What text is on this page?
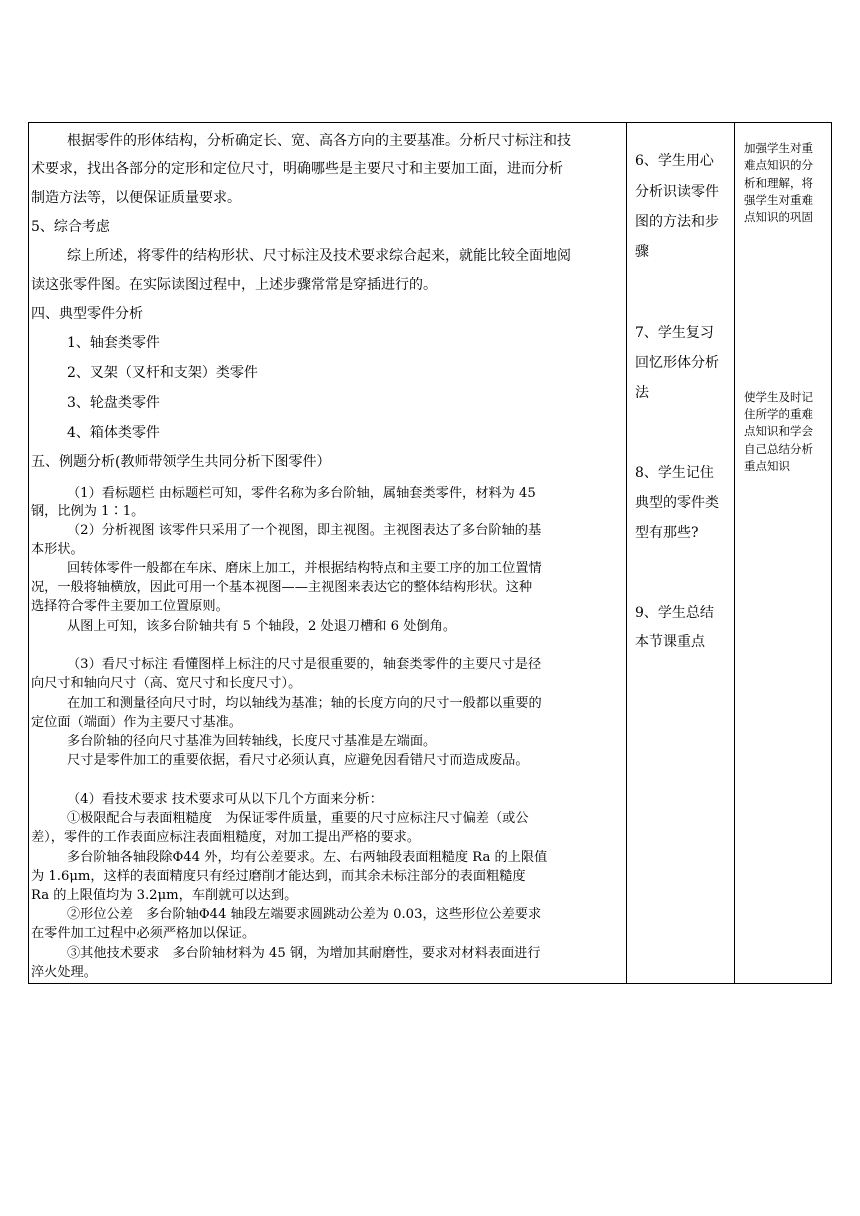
根据零件的形体结构，分析确定长、宽、高各方向的主要基准。分析尺寸标注和技
术要求，找出各部分的定形和定位尺寸，明确哪些是主要尺寸和主要加工面，进而分析
制造方法等，以便保证质量要求。
5、综合考虑
综上所述，将零件的结构形状、尺寸标注及技术要求综合起来，就能比较全面地阅
读这张零件图。在实际读图过程中，上述步骤常常是穿插进行的。
四、典型零件分析
1、轴套类零件
2、叉架（叉杆和支架）类零件
3、轮盘类零件
4、箱体类零件
五、例题分析(教师带领学生共同分析下图零件）
（1）看标题栏 由标题栏可知，零件名称为多台阶轴，属轴套类零件，材料为 45
钢，比例为 1∶1。
（2）分析视图 该零件只采用了一个视图，即主视图。主视图表达了多台阶轴的基
本形状。
回转体零件一般都在车床、磨床上加工，并根据结构特点和主要工序的加工位置情
况，一般将轴横放，因此可用一个基本视图——主视图来表达它的整体结构形状。这种
选择符合零件主要加工位置原则。
从图上可知，该多台阶轴共有 5 个轴段，2 处退刀槽和 6 处倒角。
（3）看尺寸标注 看懂图样上标注的尺寸是很重要的，轴套类零件的主要尺寸是径
向尺寸和轴向尺寸（高、宽尺寸和长度尺寸）。
在加工和测量径向尺寸时，均以轴线为基准；轴的长度方向的尺寸一般都以重要的
定位面（端面）作为主要尺寸基准。
多台阶轴的径向尺寸基准为回转轴线，长度尺寸基准是左端面。
尺寸是零件加工的重要依据，看尺寸必须认真，应避免因看错尺寸而造成废品。
（4）看技术要求 技术要求可从以下几个方面来分析：
①极限配合与表面粗糙度　为保证零件质量，重要的尺寸应标注尺寸偏差（或公
差），零件的工作表面应标注表面粗糙度，对加工提出严格的要求。
多台阶轴各轴段除Φ44 外，均有公差要求。左、右两轴段表面粗糙度 Ra 的上限值
为 1.6μm，这样的表面精度只有经过磨削才能达到，而其余未标注部分的表面粗糙度
Ra 的上限值均为 3.2μm，车削就可以达到。
②形位公差　多台阶轴Φ44 轴段左端要求圆跳动公差为 0.03，这些形位公差要求
在零件加工过程中必须严格加以保证。
③其他技术要求　多台阶轴材料为 45 钢，为增加其耐磨性，要求对材料表面进行
淬火处理。
6、学生用心
分析识读零件
图的方法和步
骤
7、学生复习
回忆形体分析
法
8、学生记住
典型的零件类
型有那些?
9、学生总结
本节课重点
加强学生对重
难点知识的分
析和理解，将
强学生对重难
点知识的巩固
使学生及时记
住所学的重难
点知识和学会
自己总结分析
重点知识
